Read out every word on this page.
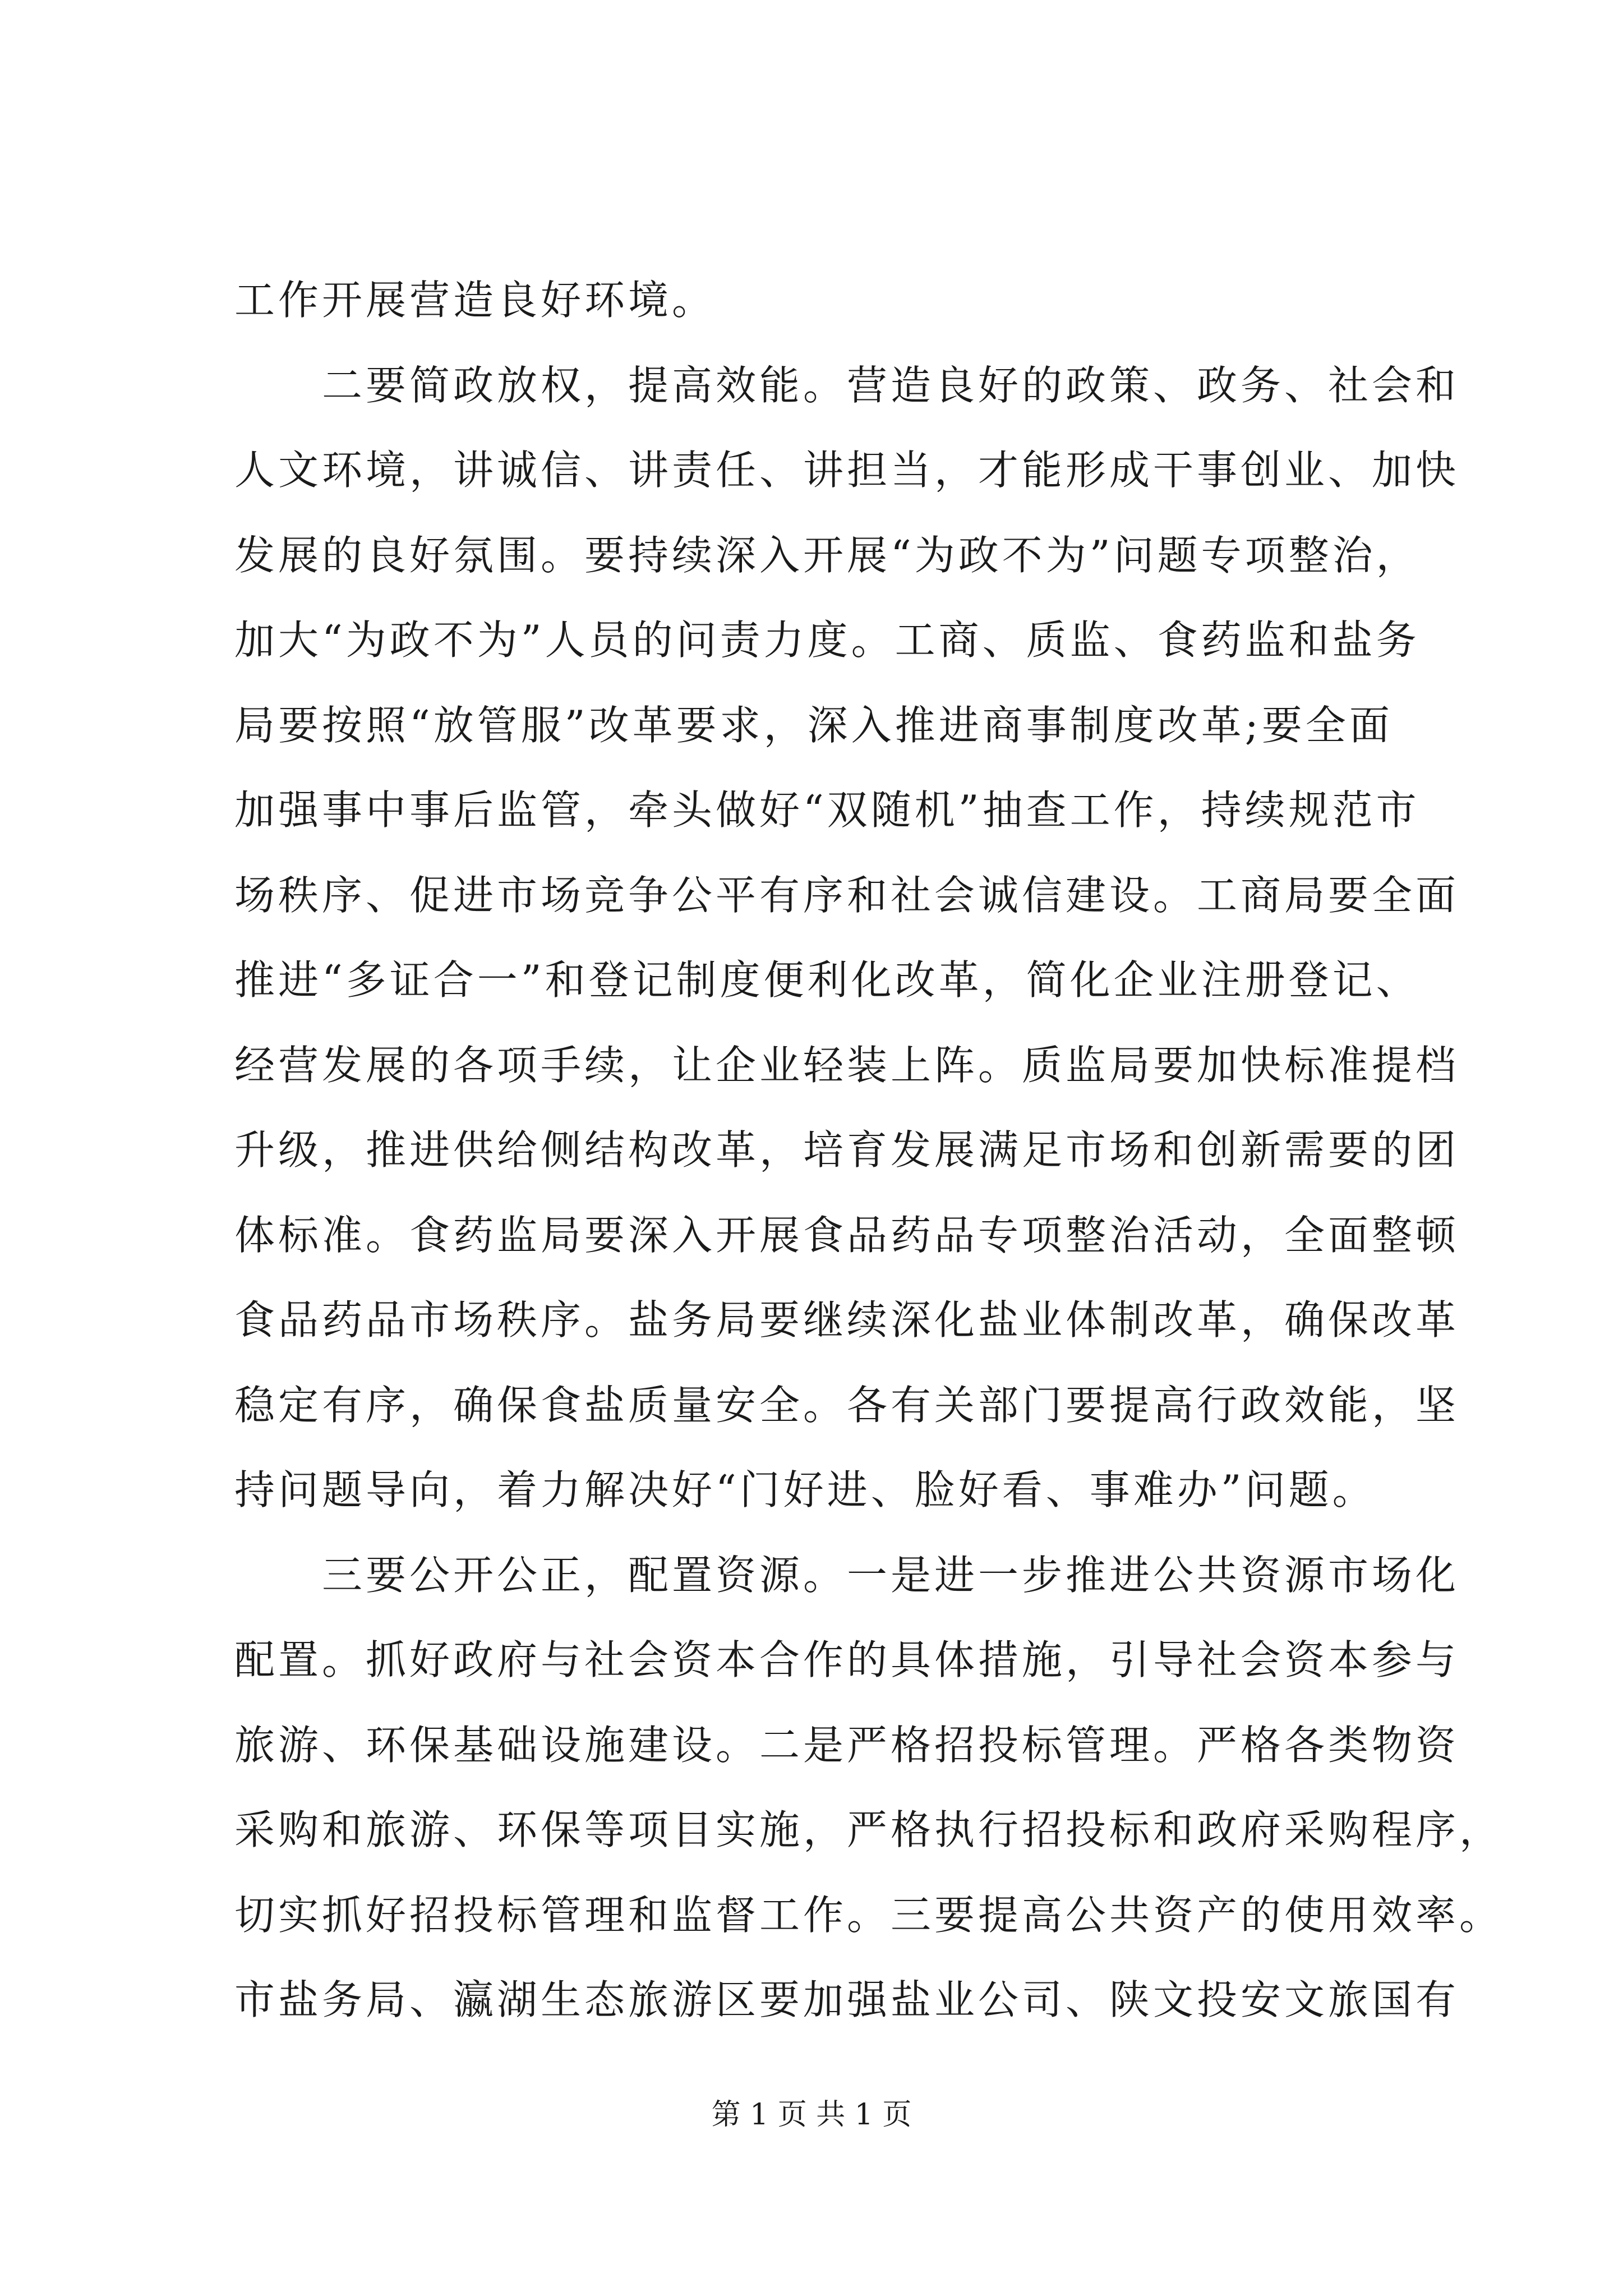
工作开展营造良好环境。
　　二要简政放权，提高效能。营造良好的政策、政务、社会和
人文环境，讲诚信、讲责任、讲担当，才能形成干事创业、加快
发展的良好氛围。要持续深入开展“为政不为”问题专项整治，
加大“为政不为”人员的问责力度。工商、质监、食药监和盐务
局要按照“放管服”改革要求，深入推进商事制度改革;要全面
加强事中事后监管，牵头做好“双随机”抽查工作，持续规范市
场秩序、促进市场竞争公平有序和社会诚信建设。工商局要全面
推进“多证合一”和登记制度便利化改革，简化企业注册登记、
经营发展的各项手续，让企业轻装上阵。质监局要加快标准提档
升级，推进供给侧结构改革，培育发展满足市场和创新需要的团
体标准。食药监局要深入开展食品药品专项整治活动，全面整顿
食品药品市场秩序。盐务局要继续深化盐业体制改革，确保改革
稳定有序，确保食盐质量安全。各有关部门要提高行政效能，坚
持问题导向，着力解决好“门好进、脸好看、事难办”问题。
　　三要公开公正，配置资源。一是进一步推进公共资源市场化
配置。抓好政府与社会资本合作的具体措施，引导社会资本参与
旅游、环保基础设施建设。二是严格招投标管理。严格各类物资
采购和旅游、环保等项目实施，严格执行招投标和政府采购程序，
切实抓好招投标管理和监督工作。三要提高公共资产的使用效率。
市盐务局、瀛湖生态旅游区要加强盐业公司、陕文投安文旅国有
第 1 页 共 1 页
